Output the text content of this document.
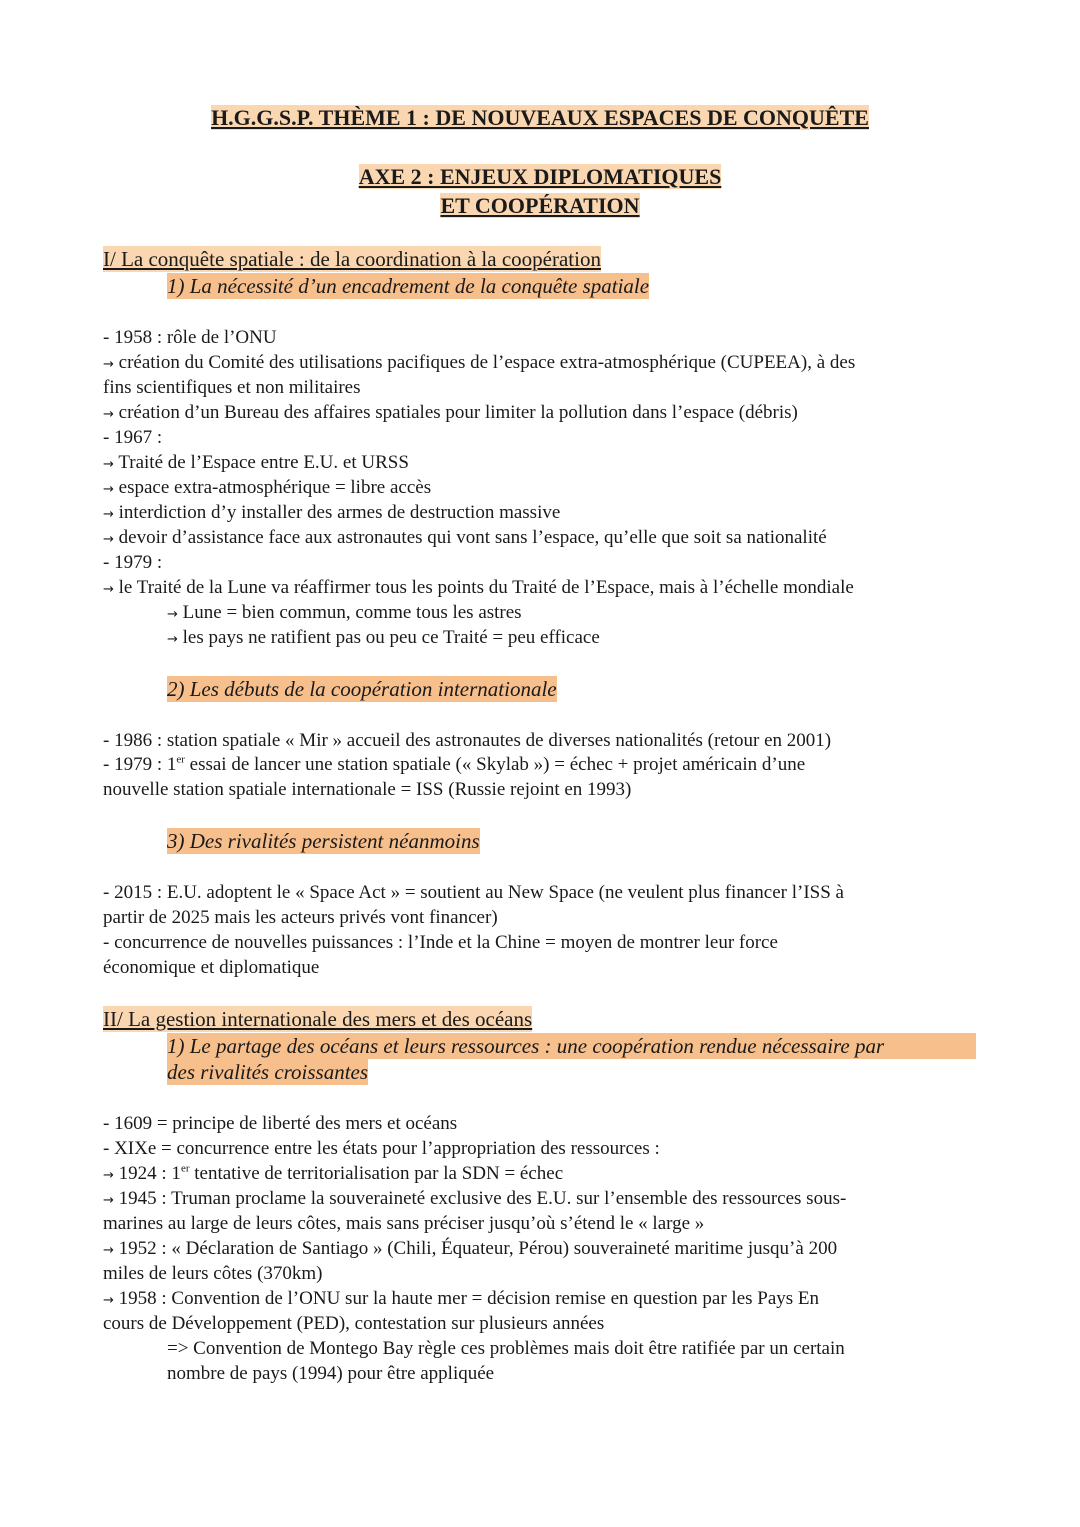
H.G.G.S.P. THÈME 1 : DE NOUVEAUX ESPACES DE CONQUÊTE
AXE 2 : ENJEUX DIPLOMATIQUES
ET COOPÉRATION
I/ La conquête spatiale : de la coordination à la coopération
1) La nécessité d’un encadrement de la conquête spatiale
- 1958 : rôle de l’ONU
→ création du Comité des utilisations pacifiques de l’espace extra-atmosphérique (CUPEEA), à des
fins scientifiques et non militaires
→ création d’un Bureau des affaires spatiales pour limiter la pollution dans l’espace (débris)
- 1967 :
→ Traité de l’Espace entre E.U. et URSS
→ espace extra-atmosphérique = libre accès
→ interdiction d’y installer des armes de destruction massive
→ devoir d’assistance face aux astronautes qui vont sans l’espace, qu’elle que soit sa nationalité
- 1979 :
→ le Traité de la Lune va réaffirmer tous les points du Traité de l’Espace, mais à l’échelle mondiale
→ Lune = bien commun, comme tous les astres
→ les pays ne ratifient pas ou peu ce Traité = peu efficace
2) Les débuts de la coopération internationale
- 1986 : station spatiale « Mir » accueil des astronautes de diverses nationalités (retour en 2001)
- 1979 : 1er essai de lancer une station spatiale (« Skylab ») = échec + projet américain d’une
nouvelle station spatiale internationale = ISS (Russie rejoint en 1993)
3) Des rivalités persistent néanmoins
- 2015 : E.U. adoptent le « Space Act » = soutient au New Space (ne veulent plus financer l’ISS à
partir de 2025 mais les acteurs privés vont financer)
- concurrence de nouvelles puissances : l’Inde et la Chine = moyen de montrer leur force
économique et diplomatique
II/ La gestion internationale des mers et des océans
1) Le partage des océans et leurs ressources : une coopération rendue nécessaire par
des rivalités croissantes
- 1609 = principe de liberté des mers et océans
- XIXe = concurrence entre les états pour l’appropriation des ressources :
→ 1924 : 1er tentative de territorialisation par la SDN = échec
→ 1945 : Truman proclame la souveraineté exclusive des E.U. sur l’ensemble des ressources sous-
marines au large de leurs côtes, mais sans préciser jusqu’où s’étend le « large »
→ 1952 : « Déclaration de Santiago » (Chili, Équateur, Pérou) souveraineté maritime jusqu’à 200
miles de leurs côtes (370km)
→ 1958 : Convention de l’ONU sur la haute mer = décision remise en question par les Pays En
cours de Développement (PED), contestation sur plusieurs années
=> Convention de Montego Bay règle ces problèmes mais doit être ratifiée par un certain
nombre de pays (1994) pour être appliquée
